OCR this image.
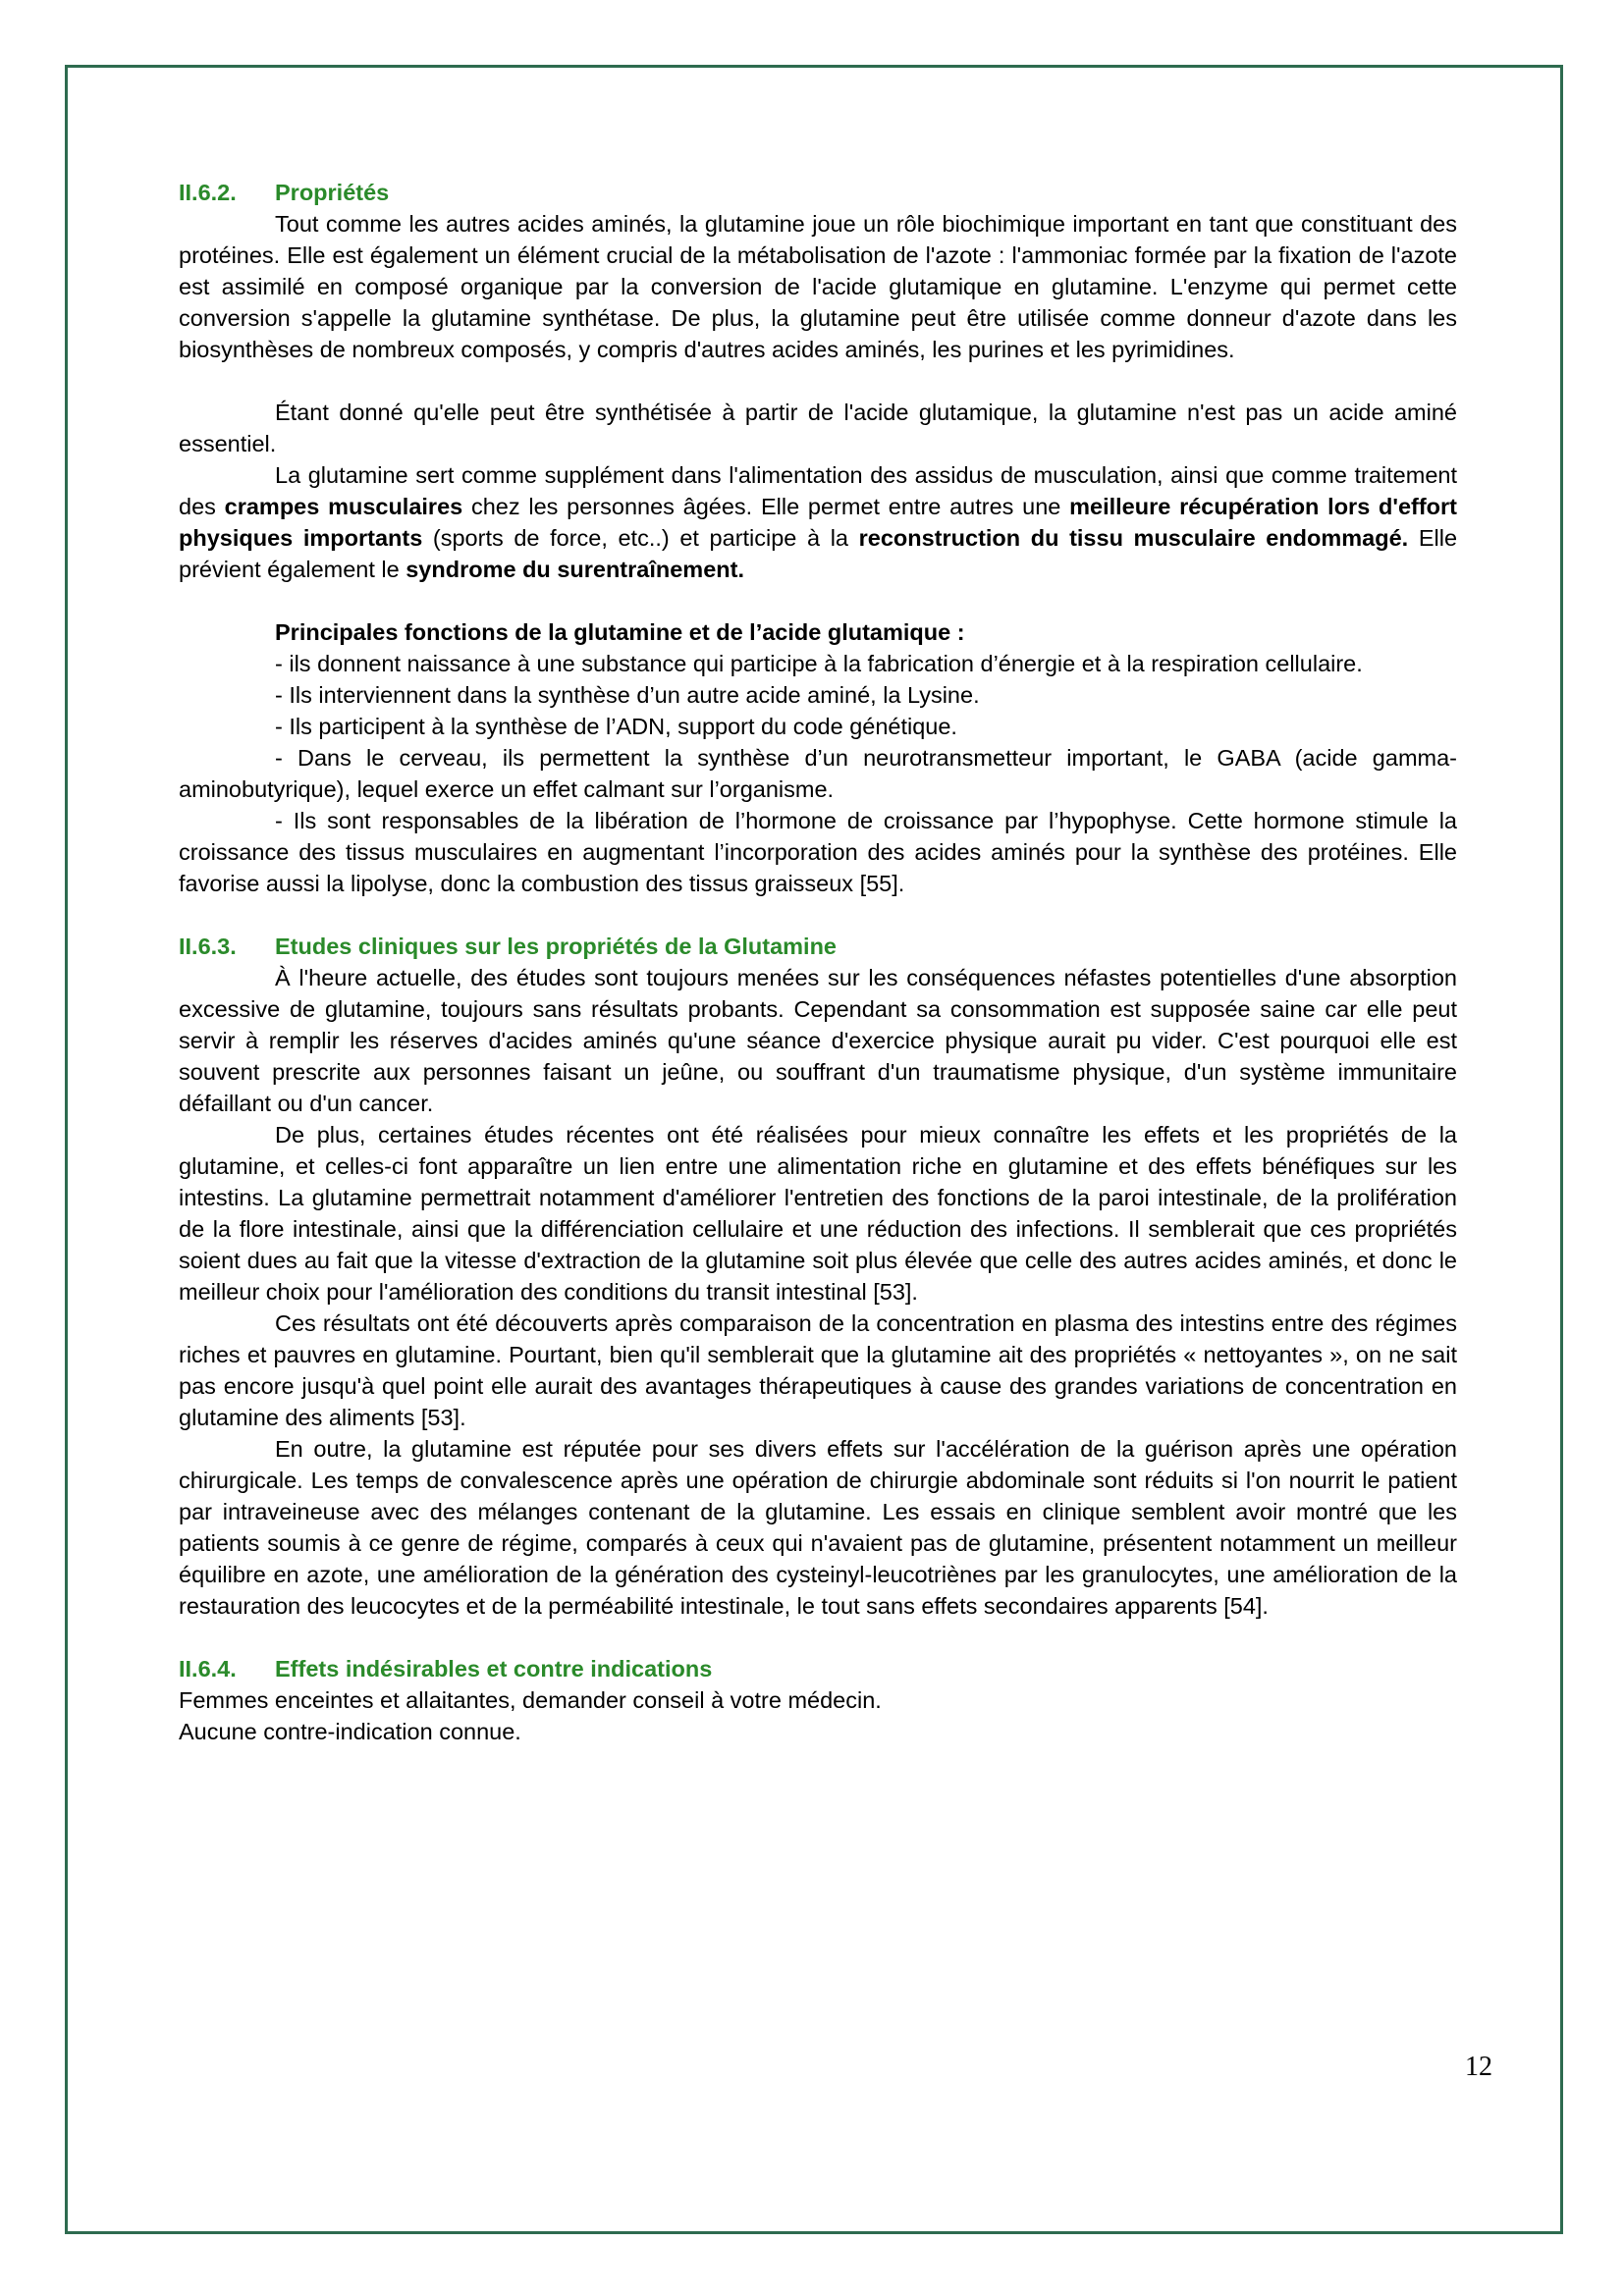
II.6.2. Propriétés

Tout comme les autres acides aminés, la glutamine joue un rôle biochimique important en tant que constituant des protéines. Elle est également un élément crucial de la métabolisation de l'azote : l'ammoniac formée par la fixation de l'azote est assimilé en composé organique par la conversion de l'acide glutamique en glutamine. L'enzyme qui permet cette conversion s'appelle la glutamine synthétase. De plus, la glutamine peut être utilisée comme donneur d'azote dans les biosynthèses de nombreux composés, y compris d'autres acides aminés, les purines et les pyrimidines.

Étant donné qu'elle peut être synthétisée à partir de l'acide glutamique, la glutamine n'est pas un acide aminé essentiel.

La glutamine sert comme supplément dans l'alimentation des assidus de musculation, ainsi que comme traitement des crampes musculaires chez les personnes âgées. Elle permet entre autres une meilleure récupération lors d'effort physiques importants (sports de force, etc..) et participe à la reconstruction du tissu musculaire endommagé. Elle prévient également le syndrome du surentraînement.

Principales fonctions de la glutamine et de l’acide glutamique :

- ils donnent naissance à une substance qui participe à la fabrication d’énergie et à la respiration cellulaire.

- Ils interviennent dans la synthèse d’un autre acide aminé, la Lysine.

- Ils participent à la synthèse de l’ADN, support du code génétique.

- Dans le cerveau, ils permettent la synthèse d’un neurotransmetteur important, le GABA (acide gamma-aminobutyrique), lequel exerce un effet calmant sur l’organisme.

- Ils sont responsables de la libération de l’hormone de croissance par l’hypophyse. Cette hormone stimule la croissance des tissus musculaires en augmentant l’incorporation des acides aminés pour la synthèse des protéines. Elle favorise aussi la lipolyse, donc la combustion des tissus graisseux [55].

II.6.3. Etudes cliniques sur les propriétés de la Glutamine

À l'heure actuelle, des études sont toujours menées sur les conséquences néfastes potentielles d'une absorption excessive de glutamine, toujours sans résultats probants. Cependant sa consommation est supposée saine car elle peut servir à remplir les réserves d'acides aminés qu'une séance d'exercice physique aurait pu vider. C'est pourquoi elle est souvent prescrite aux personnes faisant un jeûne, ou souffrant d'un traumatisme physique, d'un système immunitaire défaillant ou d'un cancer.

De plus, certaines études récentes ont été réalisées pour mieux connaître les effets et les propriétés de la glutamine, et celles-ci font apparaître un lien entre une alimentation riche en glutamine et des effets bénéfiques sur les intestins. La glutamine permettrait notamment d'améliorer l'entretien des fonctions de la paroi intestinale, de la prolifération de la flore intestinale, ainsi que la différenciation cellulaire et une réduction des infections. Il semblerait que ces propriétés soient dues au fait que la vitesse d'extraction de la glutamine soit plus élevée que celle des autres acides aminés, et donc le meilleur choix pour l'amélioration des conditions du transit intestinal [53].

Ces résultats ont été découverts après comparaison de la concentration en plasma des intestins entre des régimes riches et pauvres en glutamine. Pourtant, bien qu'il semblerait que la glutamine ait des propriétés « nettoyantes », on ne sait pas encore jusqu'à quel point elle aurait des avantages thérapeutiques à cause des grandes variations de concentration en glutamine des aliments [53].

En outre, la glutamine est réputée pour ses divers effets sur l'accélération de la guérison après une opération chirurgicale. Les temps de convalescence après une opération de chirurgie abdominale sont réduits si l'on nourrit le patient par intraveineuse avec des mélanges contenant de la glutamine. Les essais en clinique semblent avoir montré que les patients soumis à ce genre de régime, comparés à ceux qui n'avaient pas de glutamine, présentent notamment un meilleur équilibre en azote, une amélioration de la génération des cysteinyl-leucotriènes par les granulocytes, une amélioration de la restauration des leucocytes et de la perméabilité intestinale, le tout sans effets secondaires apparents [54].

II.6.4. Effets indésirables et contre indications

Femmes enceintes et allaitantes, demander conseil à votre médecin.

Aucune contre-indication connue.

12
